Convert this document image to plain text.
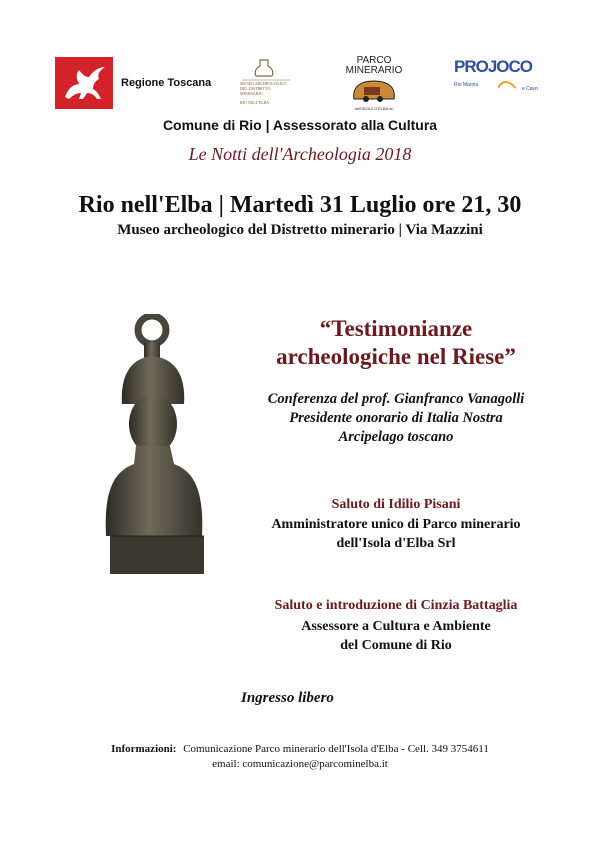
Regione Toscana	MUSEO ARCHEOLOGICO
DEL DISTRETTO
MINERARIO
RIO NELL'ELBA
PARCO
MINERARIO
dell'ISOLA D'ELBA srl
PROJOCO
Rio Marina
e Cavo
Comune di Rio | Assessorato alla Cultura
Le Notti dell'Archeologia 2018
Rio nell'Elba | Martedì 31 Luglio ore 21, 30
Museo archeologico del Distretto minerario | Via Mazzini
“Testimonianze
archeologiche nel Riese”
Conferenza del prof. Gianfranco Vanagolli
Presidente onorario di Italia Nostra
Arcipelago toscano
Saluto di Idilio Pisani
Amministratore unico di Parco minerario
dell'Isola d'Elba Srl
Saluto e introduzione di Cinzia Battaglia
Assessore a Cultura e Ambiente
del Comune di Rio
Ingresso libero
Informazioni: Comunicazione Parco minerario dell'Isola d'Elba - Cell. 349 3754611
email: comunicazione@parcominelba.it
